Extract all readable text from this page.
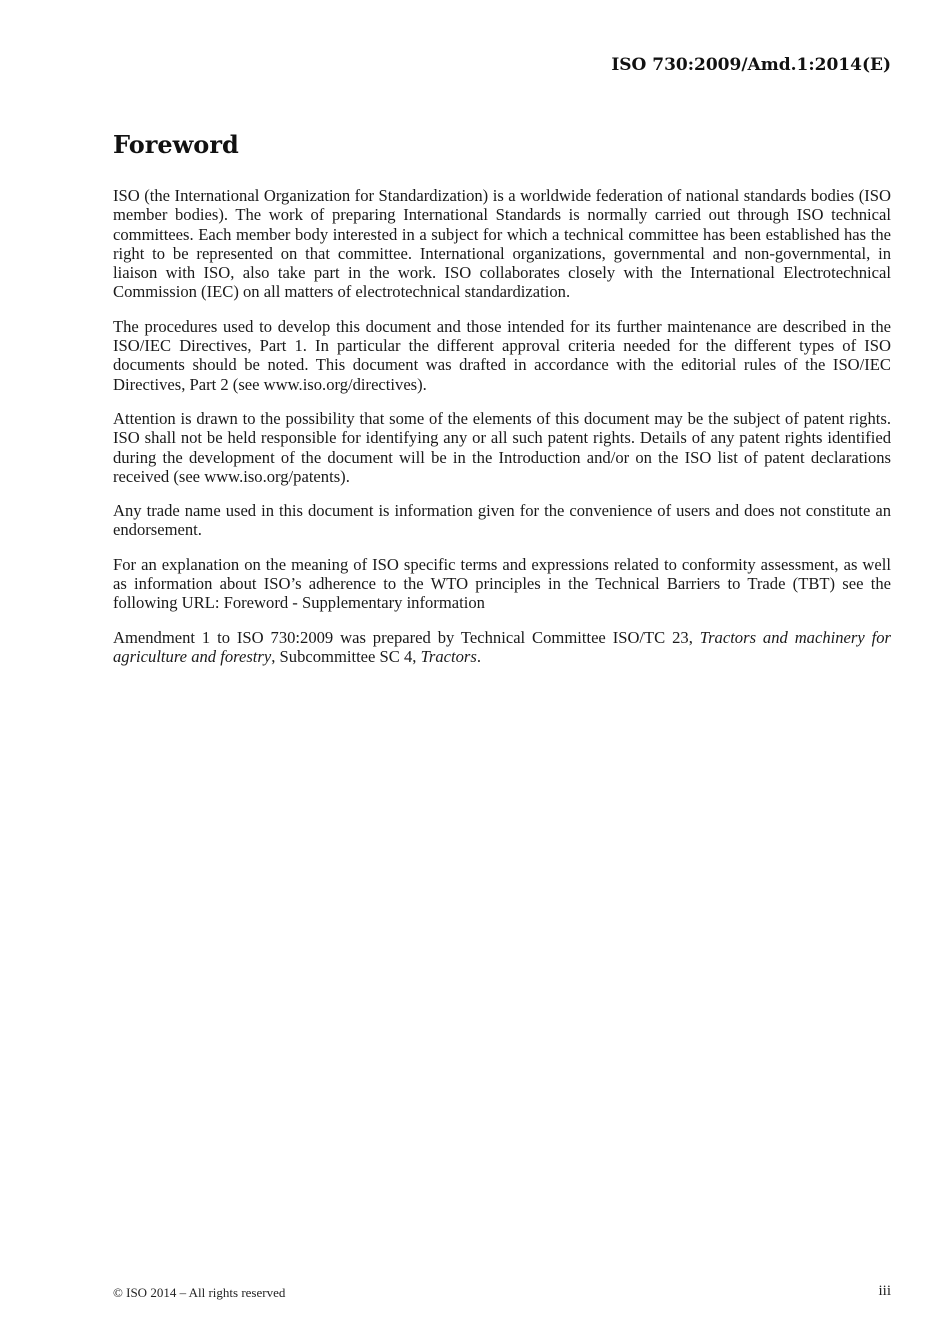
ISO 730:2009/Amd.1:2014(E)
Foreword

ISO (the International Organization for Standardization) is a worldwide federation of national standards bodies (ISO member bodies). The work of preparing International Standards is normally carried out through ISO technical committees. Each member body interested in a subject for which a technical committee has been established has the right to be represented on that committee. International organizations, governmental and non-governmental, in liaison with ISO, also take part in the work. ISO collaborates closely with the International Electrotechnical Commission (IEC) on all matters of electrotechnical standardization.

The procedures used to develop this document and those intended for its further maintenance are described in the ISO/IEC Directives, Part 1. In particular the different approval criteria needed for the different types of ISO documents should be noted. This document was drafted in accordance with the editorial rules of the ISO/IEC Directives, Part 2 (see www.iso.org/directives).

Attention is drawn to the possibility that some of the elements of this document may be the subject of patent rights. ISO shall not be held responsible for identifying any or all such patent rights. Details of any patent rights identified during the development of the document will be in the Introduction and/or on the ISO list of patent declarations received (see www.iso.org/patents).

Any trade name used in this document is information given for the convenience of users and does not constitute an endorsement.

For an explanation on the meaning of ISO specific terms and expressions related to conformity assessment, as well as information about ISO’s adherence to the WTO principles in the Technical Barriers to Trade (TBT) see the following URL: Foreword - Supplementary information

Amendment 1 to ISO 730:2009 was prepared by Technical Committee ISO/TC 23, Tractors and machinery for agriculture and forestry, Subcommittee SC 4, Tractors.

© ISO 2014 – All rights reserved	iii
